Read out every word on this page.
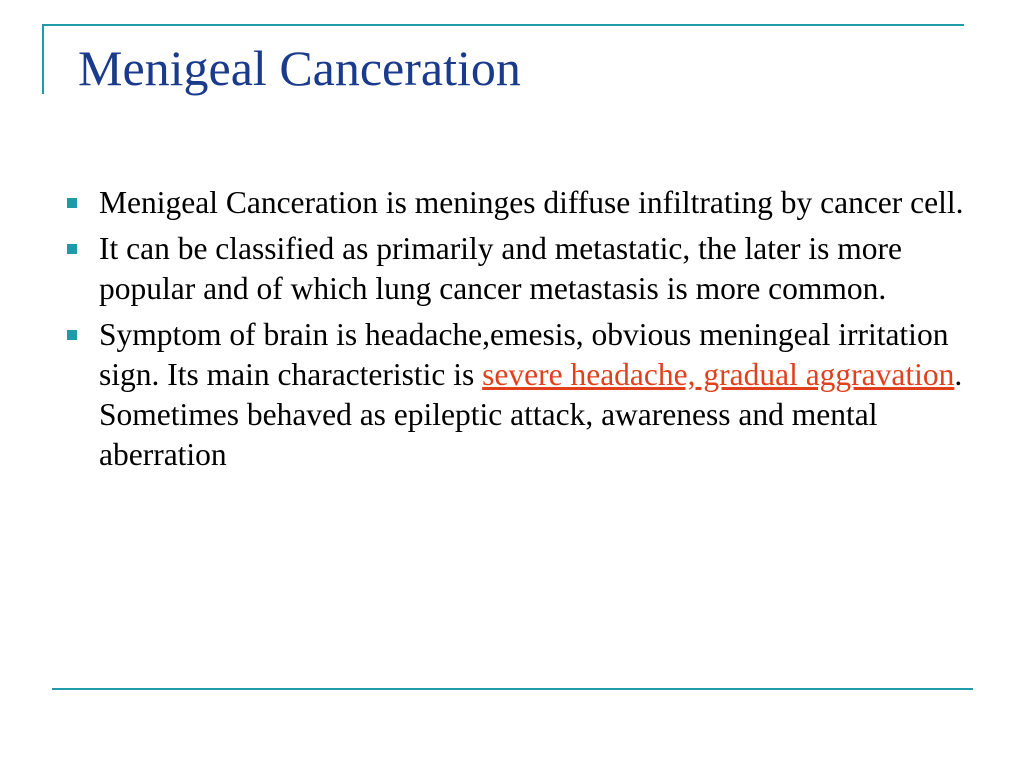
Menigeal Canceration
Menigeal Canceration is meninges diffuse infiltrating by cancer cell.
It can be classified as primarily and metastatic, the later is more popular and of which lung cancer metastasis is more common.
Symptom of brain is headache,emesis, obvious meningeal irritation sign. Its main characteristic is severe headache, gradual aggravation. Sometimes behaved as epileptic attack, awareness and mental aberration
